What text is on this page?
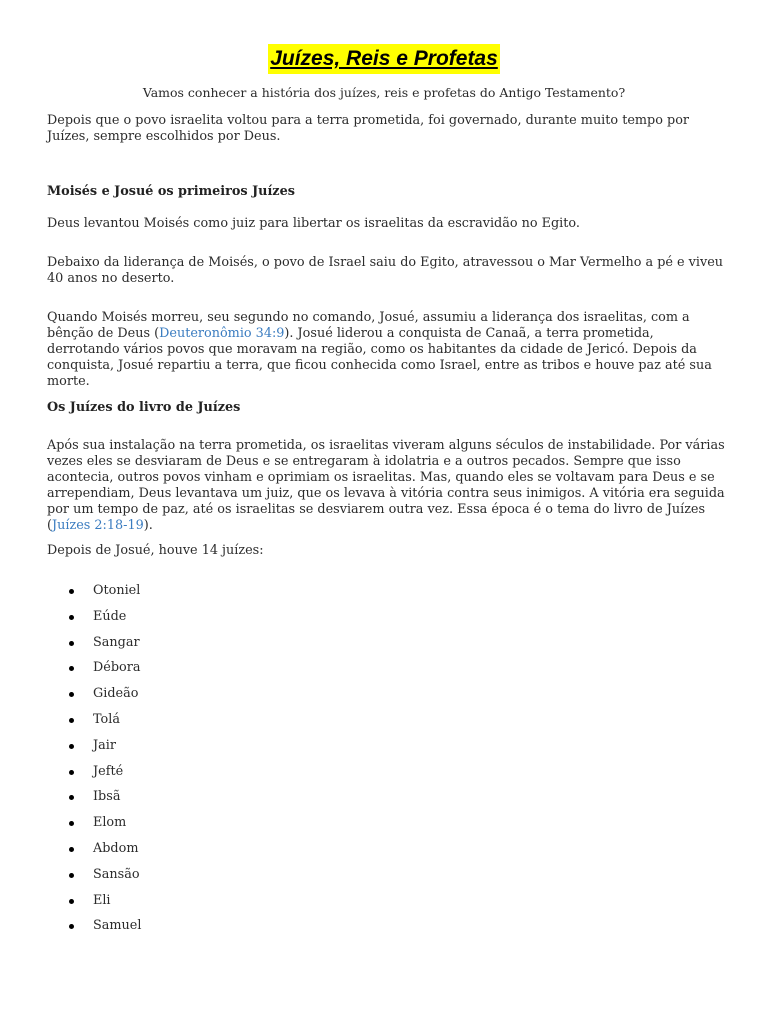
Juízes, Reis e Profetas
Vamos conhecer a história dos juízes, reis e profetas do Antigo Testamento?
Depois que o povo israelita voltou para a terra prometida, foi governado, durante muito tempo por Juízes, sempre escolhidos por Deus.
Moisés e Josué os primeiros Juízes
Deus levantou Moisés como juiz para libertar os israelitas da escravidão no Egito.
Debaixo da liderança de Moisés, o povo de Israel saiu do Egito, atravessou o Mar Vermelho a pé e viveu 40 anos no deserto.
Quando Moisés morreu, seu segundo no comando, Josué, assumiu a liderança dos israelitas, com a bênção de Deus (Deuteronômio 34:9). Josué liderou a conquista de Canaã, a terra prometida, derrotando vários povos que moravam na região, como os habitantes da cidade de Jericó. Depois da conquista, Josué repartiu a terra, que ficou conhecida como Israel, entre as tribos e houve paz até sua morte.
Os Juízes do livro de Juízes
Após sua instalação na terra prometida, os israelitas viveram alguns séculos de instabilidade. Por várias vezes eles se desviaram de Deus e se entregaram à idolatria e a outros pecados. Sempre que isso acontecia, outros povos vinham e oprimiam os israelitas. Mas, quando eles se voltavam para Deus e se arrependiam, Deus levantava um juiz, que os levava à vitória contra seus inimigos. A vitória era seguida por um tempo de paz, até os israelitas se desviarem outra vez. Essa época é o tema do livro de Juízes (Juízes 2:18-19).
Depois de Josué, houve 14 juízes:
Otoniel
Eúde
Sangar
Débora
Gideão
Tolá
Jair
Jefté
Ibsã
Elom
Abdom
Sansão
Eli
Samuel
